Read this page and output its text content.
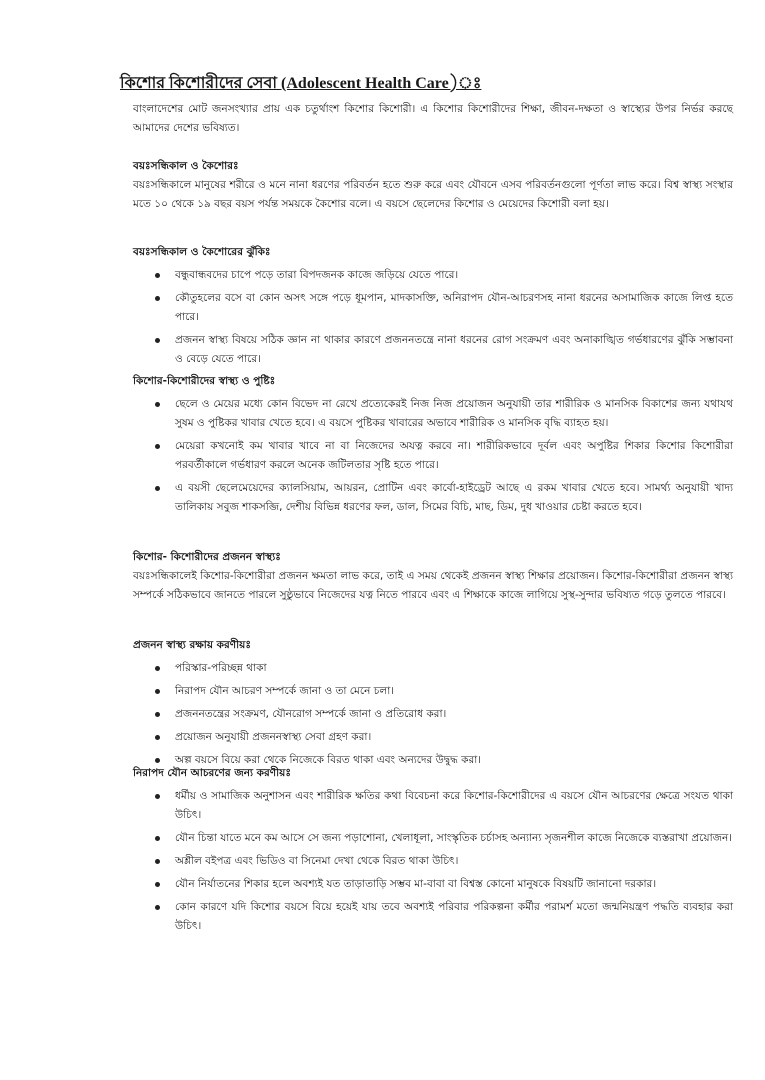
কিশোর কিশোরীদের সেবা (Adolescent Health Care)ঃ

বাংলাদেশের মোট জনসংখ্যার প্রায় এক চতুর্থাংশ কিশোর কিশোরী। এ কিশোর কিশোরীদের শিক্ষা, জীবন-দক্ষতা ও স্বাস্থ্যের উপর নির্ভর করছে আমাদের দেশের ভবিষ্যত।

বয়ঃসন্ধিকাল ও কৈশোরঃ

বয়ঃসন্ধিকালে মানুষের শরীরে ও মনে নানা ধরণের পরিবর্তন হতে শুরু করে এবং যৌবনে এসব পরিবর্তনগুলো পূর্ণতা লাভ করে। বিশ্ব স্বাস্থ্য সংস্থার মতে ১০ থেকে ১৯ বছর বয়স পর্যন্ত সময়কে কৈশোর বলে। এ বয়সে ছেলেদের কিশোর ও মেয়েদের কিশোরী বলা হয়।

বয়ঃসন্ধিকাল ও কৈশোরের ঝুঁকিঃ

বন্ধুবান্ধবদের চাপে পড়ে তারা বিপদজনক কাজে জড়িয়ে যেতে পারে।
কৌতুহলের বসে বা কোন অসৎ সঙ্গে পড়ে ধূমপান, মাদকাসক্তি, অনিরাপদ যৌন-আচরণসহ নানা ধরনের অসামাজিক কাজে লিপ্ত হতে পারে।
প্রজনন স্বাস্থ্য বিষয়ে সঠিক জ্ঞান না থাকার কারণে প্রজননতন্ত্রে নানা ধরনের রোগ সংক্রমণ এবং অনাকাঙ্খিত গর্ভধারণের ঝুঁকি সম্ভাবনা ও বেড়ে যেতে পারে।

কিশোর-কিশোরীদের স্বাস্থ্য ও পুষ্টিঃ

ছেলে ও মেয়ের মধ্যে কোন বিভেদ না রেখে প্রত্যেকেরই নিজ নিজ প্রয়োজন অনুযায়ী তার শারীরিক ও মানসিক বিকাশের জন্য যথাযথ সুষম ও পুষ্টিকর খাবার খেতে হবে। এ বয়সে পুষ্টিকর খাবারের অভাবে শারীরিক ও মানসিক বৃদ্ধি ব্যাহত হয়।
মেয়েরা কখনোই কম খাবার খাবে না বা নিজেদের অযত্ন করবে না। শারীরিকভাবে দূর্বল এবং অপুষ্টির শিকার কিশোর কিশোরীরা পরবর্তীকালে গর্ভধারণ করলে অনেক জটিলতার সৃষ্টি হতে পারে।
এ বয়সী ছেলেমেয়েদের ক্যালসিয়াম, আয়রন, প্রোটিন এবং কার্বো-হাইড্রেট আছে এ রকম খাবার খেতে হবে। সামর্থ্য অনুযায়ী খাদ্য তালিকায় সবুজ শাকসব্জি, দেশীয় বিভিন্ন ধরণের ফল, ডাল, সিমের বিচি, মাছ, ডিম, দুধ খাওয়ার চেষ্টা করতে হবে।

কিশোর- কিশোরীদের প্রজনন স্বাস্থ্যঃ

বয়ঃসন্ধিকালেই কিশোর-কিশোরীরা প্রজনন ক্ষমতা লাভ করে, তাই এ সময় থেকেই প্রজনন স্বাস্থ্য শিক্ষার প্রয়োজন। কিশোর-কিশোরীরা প্রজনন স্বাস্থ্য সম্পর্কে সঠিকভাবে জানতে পারলে সুষ্ঠুভাবে নিজেদের যত্ন নিতে পারবে এবং এ শিক্ষাকে কাজে লাগিয়ে সুস্থ-সুন্দার ভবিষ্যত গড়ে তুলতে পারবে।

প্রজনন স্বাস্থ্য রক্ষায় করণীয়ঃ

পরিস্কার-পরিচ্ছন্ন থাকা
নিরাপদ যৌন আচরণ সম্পর্কে জানা ও তা মেনে চলা।
প্রজননতন্ত্রের সংক্রমণ, যৌনরোগ সম্পর্কে জানা ও প্রতিরোধ করা।
প্রয়োজন অনুযায়ী প্রজননস্বাস্থ্য সেবা গ্রহণ করা।
অল্প বয়সে বিয়ে করা থেকে নিজেকে বিরত থাকা এবং অন্যদের উদ্বুদ্ধ করা।

নিরাপদ যৌন আচরণের জন্য করণীয়ঃ

ধর্মীয় ও সামাজিক অনুশাসন এবং শারীরিক ক্ষতির কথা বিবেচনা করে কিশোর-কিশোরীদের এ বয়সে যৌন আচরণের ক্ষেত্রে সংযত থাকা উচিৎ।
যৌন চিন্তা যাতে মনে কম আসে সে জন্য পড়াশোনা, খেলাধূলা, সাংস্কৃতিক চর্চাসহ অন্যান্য সৃজনশীল কাজে নিজেকে ব্যস্তরাখা প্রয়োজন।
অশ্লীল বইপত্র এবং ভিডিও বা সিনেমা দেখা থেকে বিরত থাকা উচিৎ।
যৌন নির্যাতনের শিকার হলে অবশ্যই যত তাড়াতাড়ি সম্ভব মা-বাবা বা বিশ্বস্ত কোনো মানুষকে বিষয়টি জানানো দরকার।
কোন কারণে যদি কিশোর বয়সে বিয়ে হয়েই যায় তবে অবশ্যই পরিবার পরিকল্পনা কর্মীর পরামর্শ মতো জন্মনিয়ন্ত্রণ পদ্ধতি ব্যবহার করা উচিৎ।
